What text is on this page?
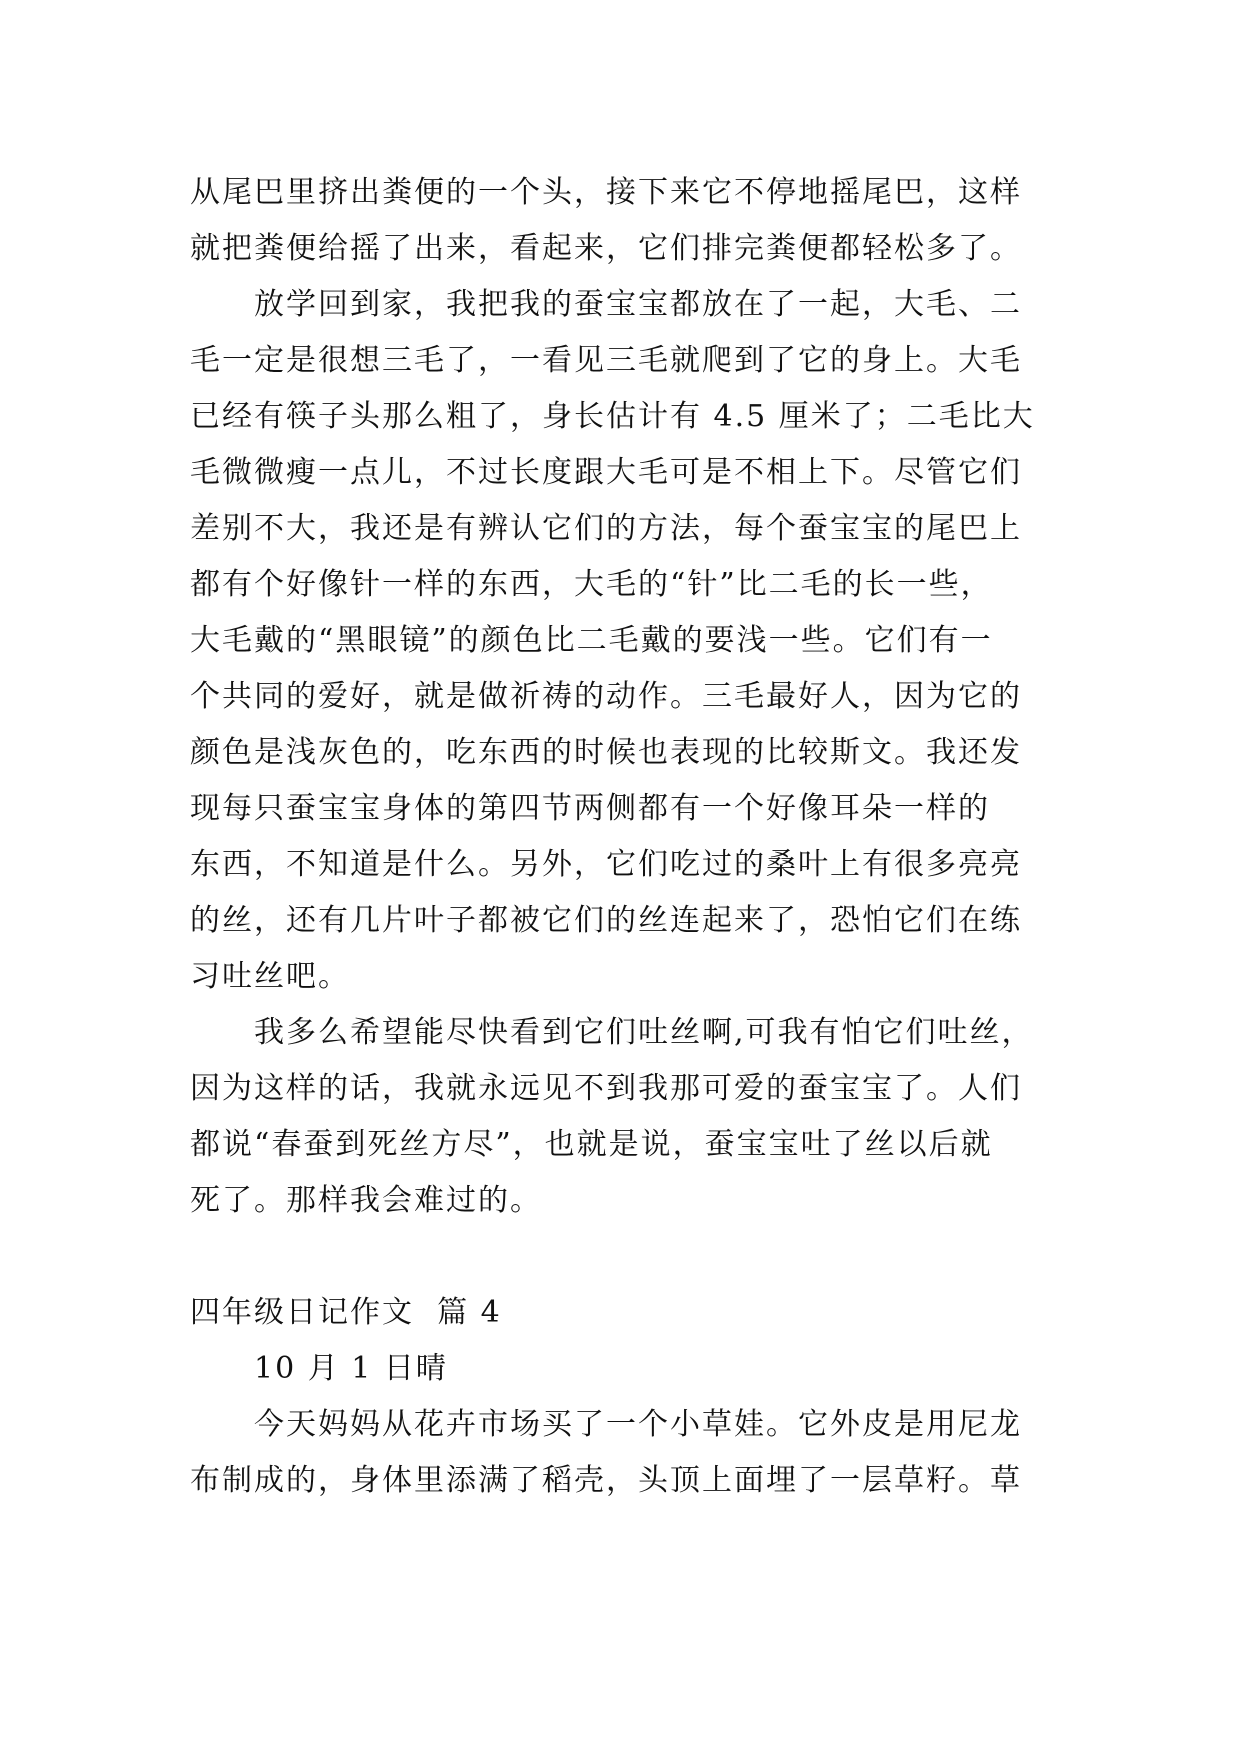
从尾巴里挤出粪便的一个头，接下来它不停地摇尾巴，这样
就把粪便给摇了出来，看起来，它们排完粪便都轻松多了。
　　放学回到家，我把我的蚕宝宝都放在了一起，大毛、二
毛一定是很想三毛了，一看见三毛就爬到了它的身上。大毛
已经有筷子头那么粗了，身长估计有 4.5 厘米了；二毛比大
毛微微瘦一点儿，不过长度跟大毛可是不相上下。尽管它们
差别不大，我还是有辨认它们的方法，每个蚕宝宝的尾巴上
都有个好像针一样的东西，大毛的“针”比二毛的长一些，
大毛戴的“黑眼镜”的颜色比二毛戴的要浅一些。它们有一
个共同的爱好，就是做祈祷的动作。三毛最好人，因为它的
颜色是浅灰色的，吃东西的时候也表现的比较斯文。我还发
现每只蚕宝宝身体的第四节两侧都有一个好像耳朵一样的
东西，不知道是什么。另外，它们吃过的桑叶上有很多亮亮
的丝，还有几片叶子都被它们的丝连起来了，恐怕它们在练
习吐丝吧。
　　我多么希望能尽快看到它们吐丝啊,可我有怕它们吐丝，
因为这样的话，我就永远见不到我那可爱的蚕宝宝了。人们
都说“春蚕到死丝方尽”，也就是说，蚕宝宝吐了丝以后就
死了。那样我会难过的。
四年级日记作文  篇 4
　　10 月 1 日晴
　　今天妈妈从花卉市场买了一个小草娃。它外皮是用尼龙
布制成的，身体里添满了稻壳，头顶上面埋了一层草籽。草
